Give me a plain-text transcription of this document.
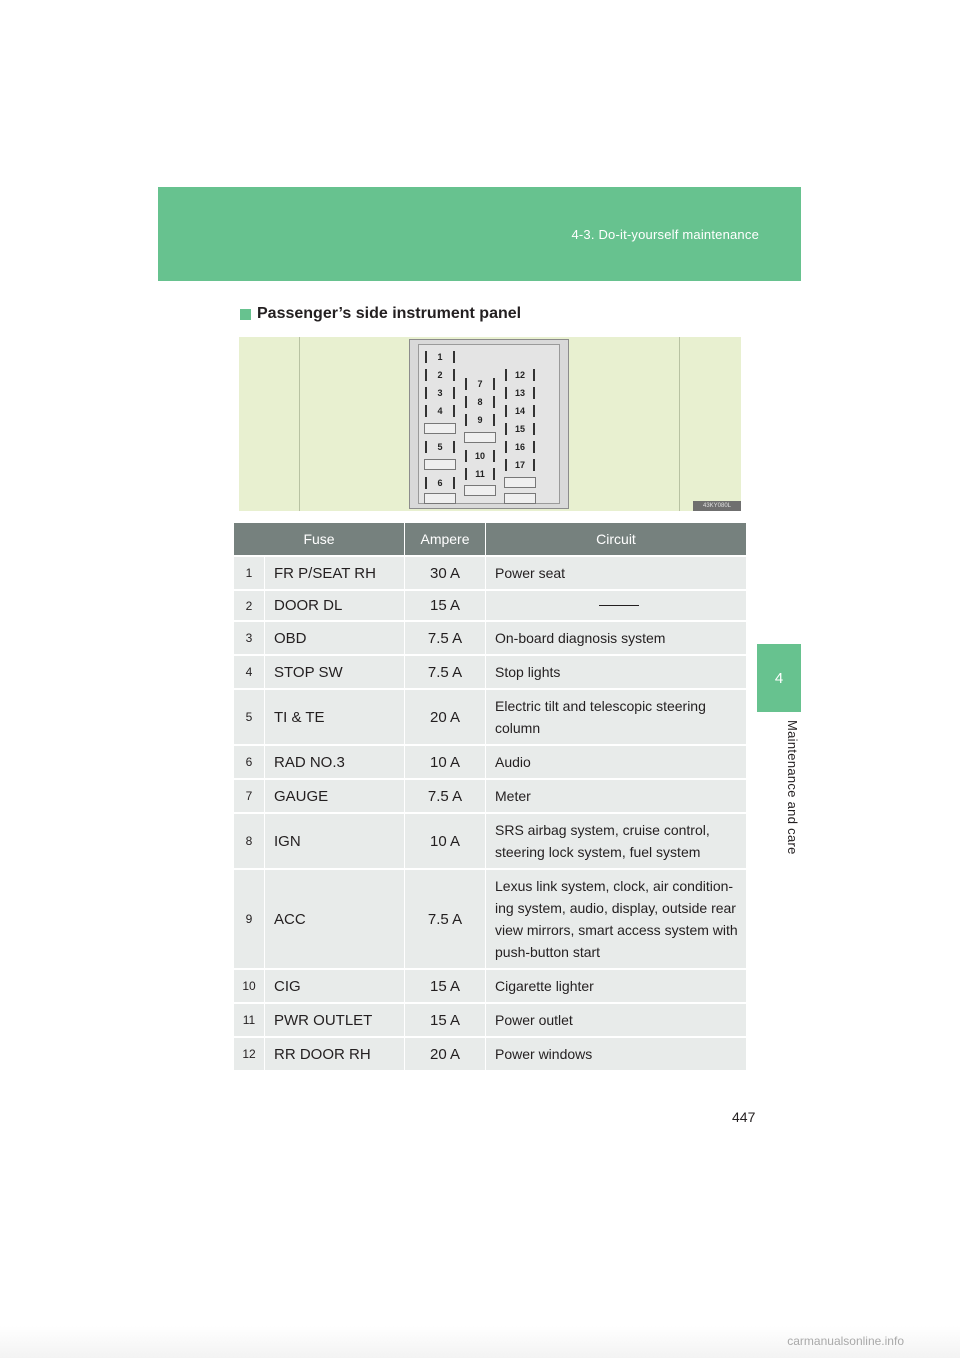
4-3. Do-it-yourself maintenance
4
Maintenance and care
Passenger’s side instrument panel
1
2
3
4
5
6
7
8
9
10
11
12
13
14
15
16
17
43KY080L
Fuse		Ampere	Circuit
1	FR P/SEAT RH	30 A	Power seat
2	DOOR DL	15 A	

3	OBD	7.5 A	On-board diagnosis system
4	STOP SW	7.5 A	Stop lights
5	TI & TE	20 A	Electric tilt and telescopic steering column
6	RAD NO.3	10 A	Audio
7	GAUGE	7.5 A	Meter
8	IGN	10 A	SRS airbag system, cruise control, steering lock system, fuel system
9	ACC	7.5 A	Lexus link system, clock, air condition-ing system, audio, display, outside rear view mirrors, smart access system with push-button start
10	CIG	15 A	Cigarette lighter
11	PWR OUTLET	15 A	Power outlet
12	RR DOOR RH	20 A	Power windows
447
carmanualsonline.info
